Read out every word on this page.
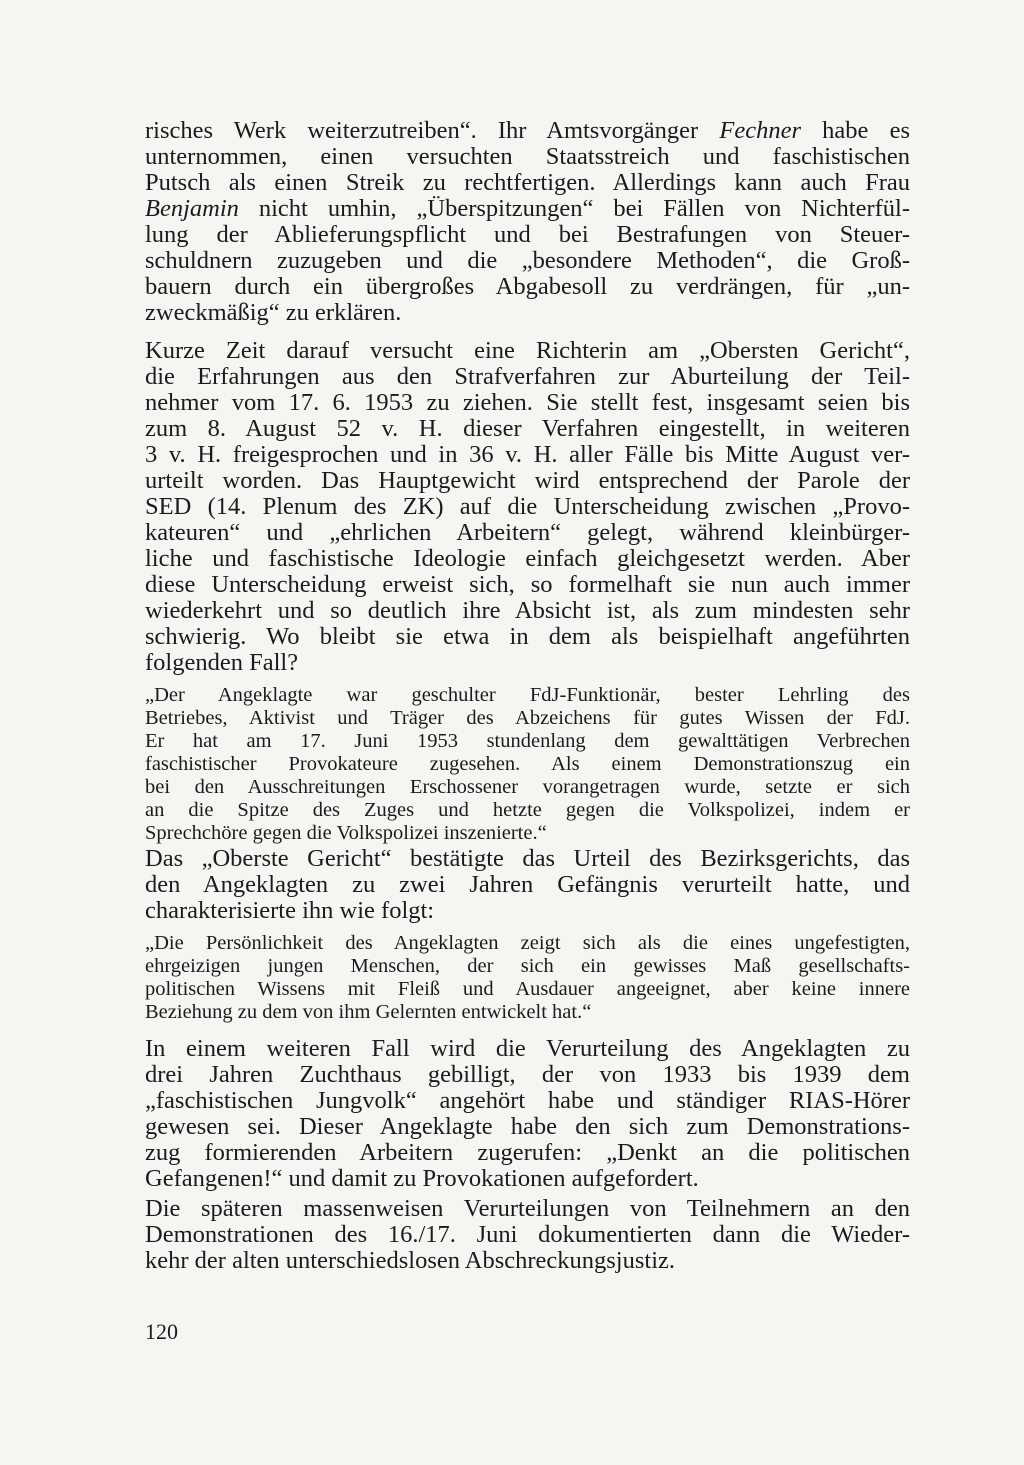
risches Werk weiterzutreiben“. Ihr Amtsvorgänger Fechner habe es
unternommen, einen versuchten Staatsstreich und faschistischen
Putsch als einen Streik zu rechtfertigen. Allerdings kann auch Frau
Benjamin nicht umhin, „Überspitzungen“ bei Fällen von Nichterfül-
lung der Ablieferungspflicht und bei Bestrafungen von Steuer-
schuldnern zuzugeben und die „besondere Methoden“, die Groß-
bauern durch ein übergroßes Abgabesoll zu verdrängen, für „un-
zweckmäßig“ zu erklären.
Kurze Zeit darauf versucht eine Richterin am „Obersten Gericht“,
die Erfahrungen aus den Strafverfahren zur Aburteilung der Teil-
nehmer vom 17. 6. 1953 zu ziehen. Sie stellt fest, insgesamt seien bis
zum 8. August 52 v. H. dieser Verfahren eingestellt, in weiteren
3 v. H. freigesprochen und in 36 v. H. aller Fälle bis Mitte August ver-
urteilt worden. Das Hauptgewicht wird entsprechend der Parole der
SED (14. Plenum des ZK) auf die Unterscheidung zwischen „Provo-
kateuren“ und „ehrlichen Arbeitern“ gelegt, während kleinbürger-
liche und faschistische Ideologie einfach gleichgesetzt werden. Aber
diese Unterscheidung erweist sich, so formelhaft sie nun auch immer
wiederkehrt und so deutlich ihre Absicht ist, als zum mindesten sehr
schwierig. Wo bleibt sie etwa in dem als beispielhaft angeführten
folgenden Fall?
„Der Angeklagte war geschulter FdJ-Funktionär, bester Lehrling des
Betriebes, Aktivist und Träger des Abzeichens für gutes Wissen der FdJ.
Er hat am 17. Juni 1953 stundenlang dem gewalttätigen Verbrechen
faschistischer Provokateure zugesehen. Als einem Demonstrationszug ein
bei den Ausschreitungen Erschossener vorangetragen wurde, setzte er sich
an die Spitze des Zuges und hetzte gegen die Volkspolizei, indem er
Sprechchöre gegen die Volkspolizei inszenierte.“
Das „Oberste Gericht“ bestätigte das Urteil des Bezirksgerichts, das
den Angeklagten zu zwei Jahren Gefängnis verurteilt hatte, und
charakterisierte ihn wie folgt:
„Die Persönlichkeit des Angeklagten zeigt sich als die eines ungefestigten,
ehrgeizigen jungen Menschen, der sich ein gewisses Maß gesellschafts-
politischen Wissens mit Fleiß und Ausdauer angeeignet, aber keine innere
Beziehung zu dem von ihm Gelernten entwickelt hat.“
In einem weiteren Fall wird die Verurteilung des Angeklagten zu
drei Jahren Zuchthaus gebilligt, der von 1933 bis 1939 dem
„faschistischen Jungvolk“ angehört habe und ständiger RIAS-Hörer
gewesen sei. Dieser Angeklagte habe den sich zum Demonstrations-
zug formierenden Arbeitern zugerufen: „Denkt an die politischen
Gefangenen!“ und damit zu Provokationen aufgefordert.
Die späteren massenweisen Verurteilungen von Teilnehmern an den
Demonstrationen des 16./17. Juni dokumentierten dann die Wieder-
kehr der alten unterschiedslosen Abschreckungsjustiz.
120
